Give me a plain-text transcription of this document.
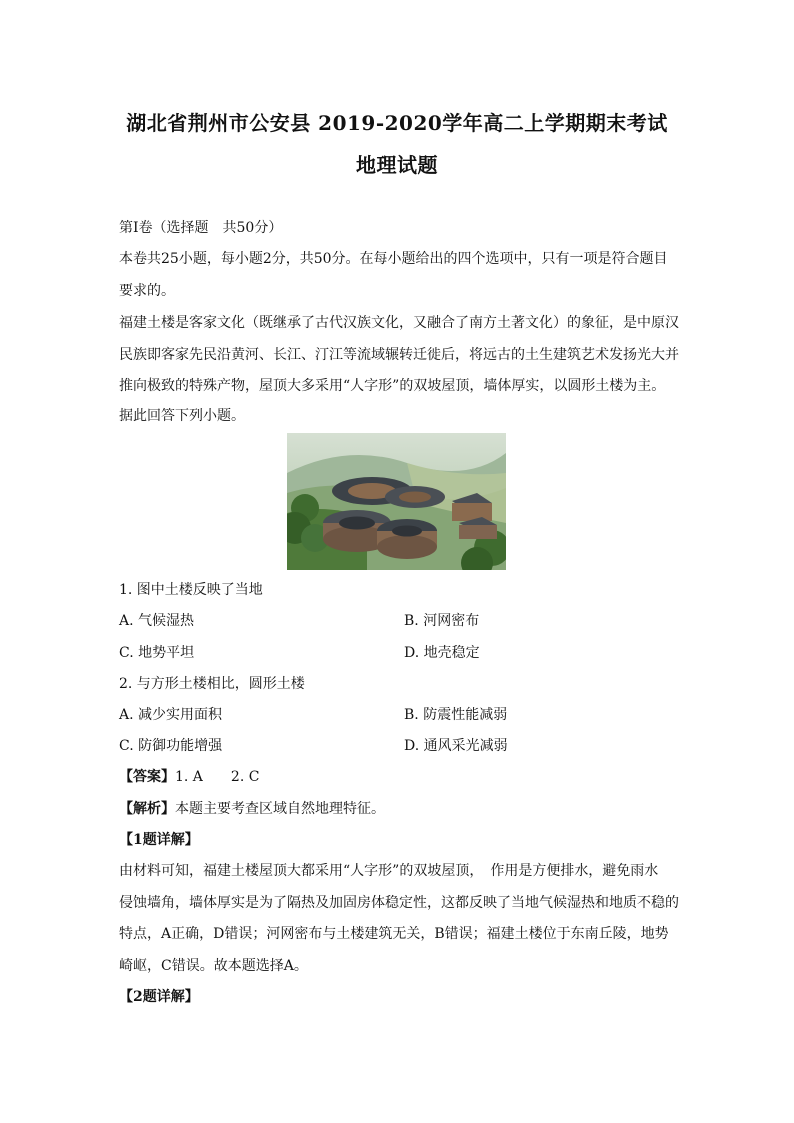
湖北省荆州市公安县 2019-2020学年高二上学期期末考试
地理试题
第Ⅰ卷（选择题　共50分）
本卷共25小题，每小题2分，共50分。在每小题给出的四个选项中，只有一项是符合题目
要求的。
福建土楼是客家文化（既继承了古代汉族文化，又融合了南方土著文化）的象征，是中原汉
民族即客家先民沿黄河、长江、汀江等流域辗转迁徙后，将远古的土生建筑艺术发扬光大并
推向极致的特殊产物，屋顶大多采用“人字形”的双坡屋顶，墙体厚实，以圆形土楼为主。
据此回答下列小题。
1. 图中土楼反映了当地
A. 气候湿热	B. 河网密布
C. 地势平坦	D. 地壳稳定
2. 与方形土楼相比，圆形土楼
A. 减少实用面积	B. 防震性能减弱
C. 防御功能增强	D. 通风采光减弱
【答案】1. A　　2. C
【解析】本题主要考查区域自然地理特征。
【1题详解】
由材料可知，福建土楼屋顶大都采用“人字形”的双坡屋顶，　作用是方便排水，避免雨水
侵蚀墙角，墙体厚实是为了隔热及加固房体稳定性，这都反映了当地气候湿热和地质不稳的
特点，A正确，D错误；河网密布与土楼建筑无关，B错误；福建土楼位于东南丘陵，地势
崎岖，C错误。故本题选择A。
【2题详解】
